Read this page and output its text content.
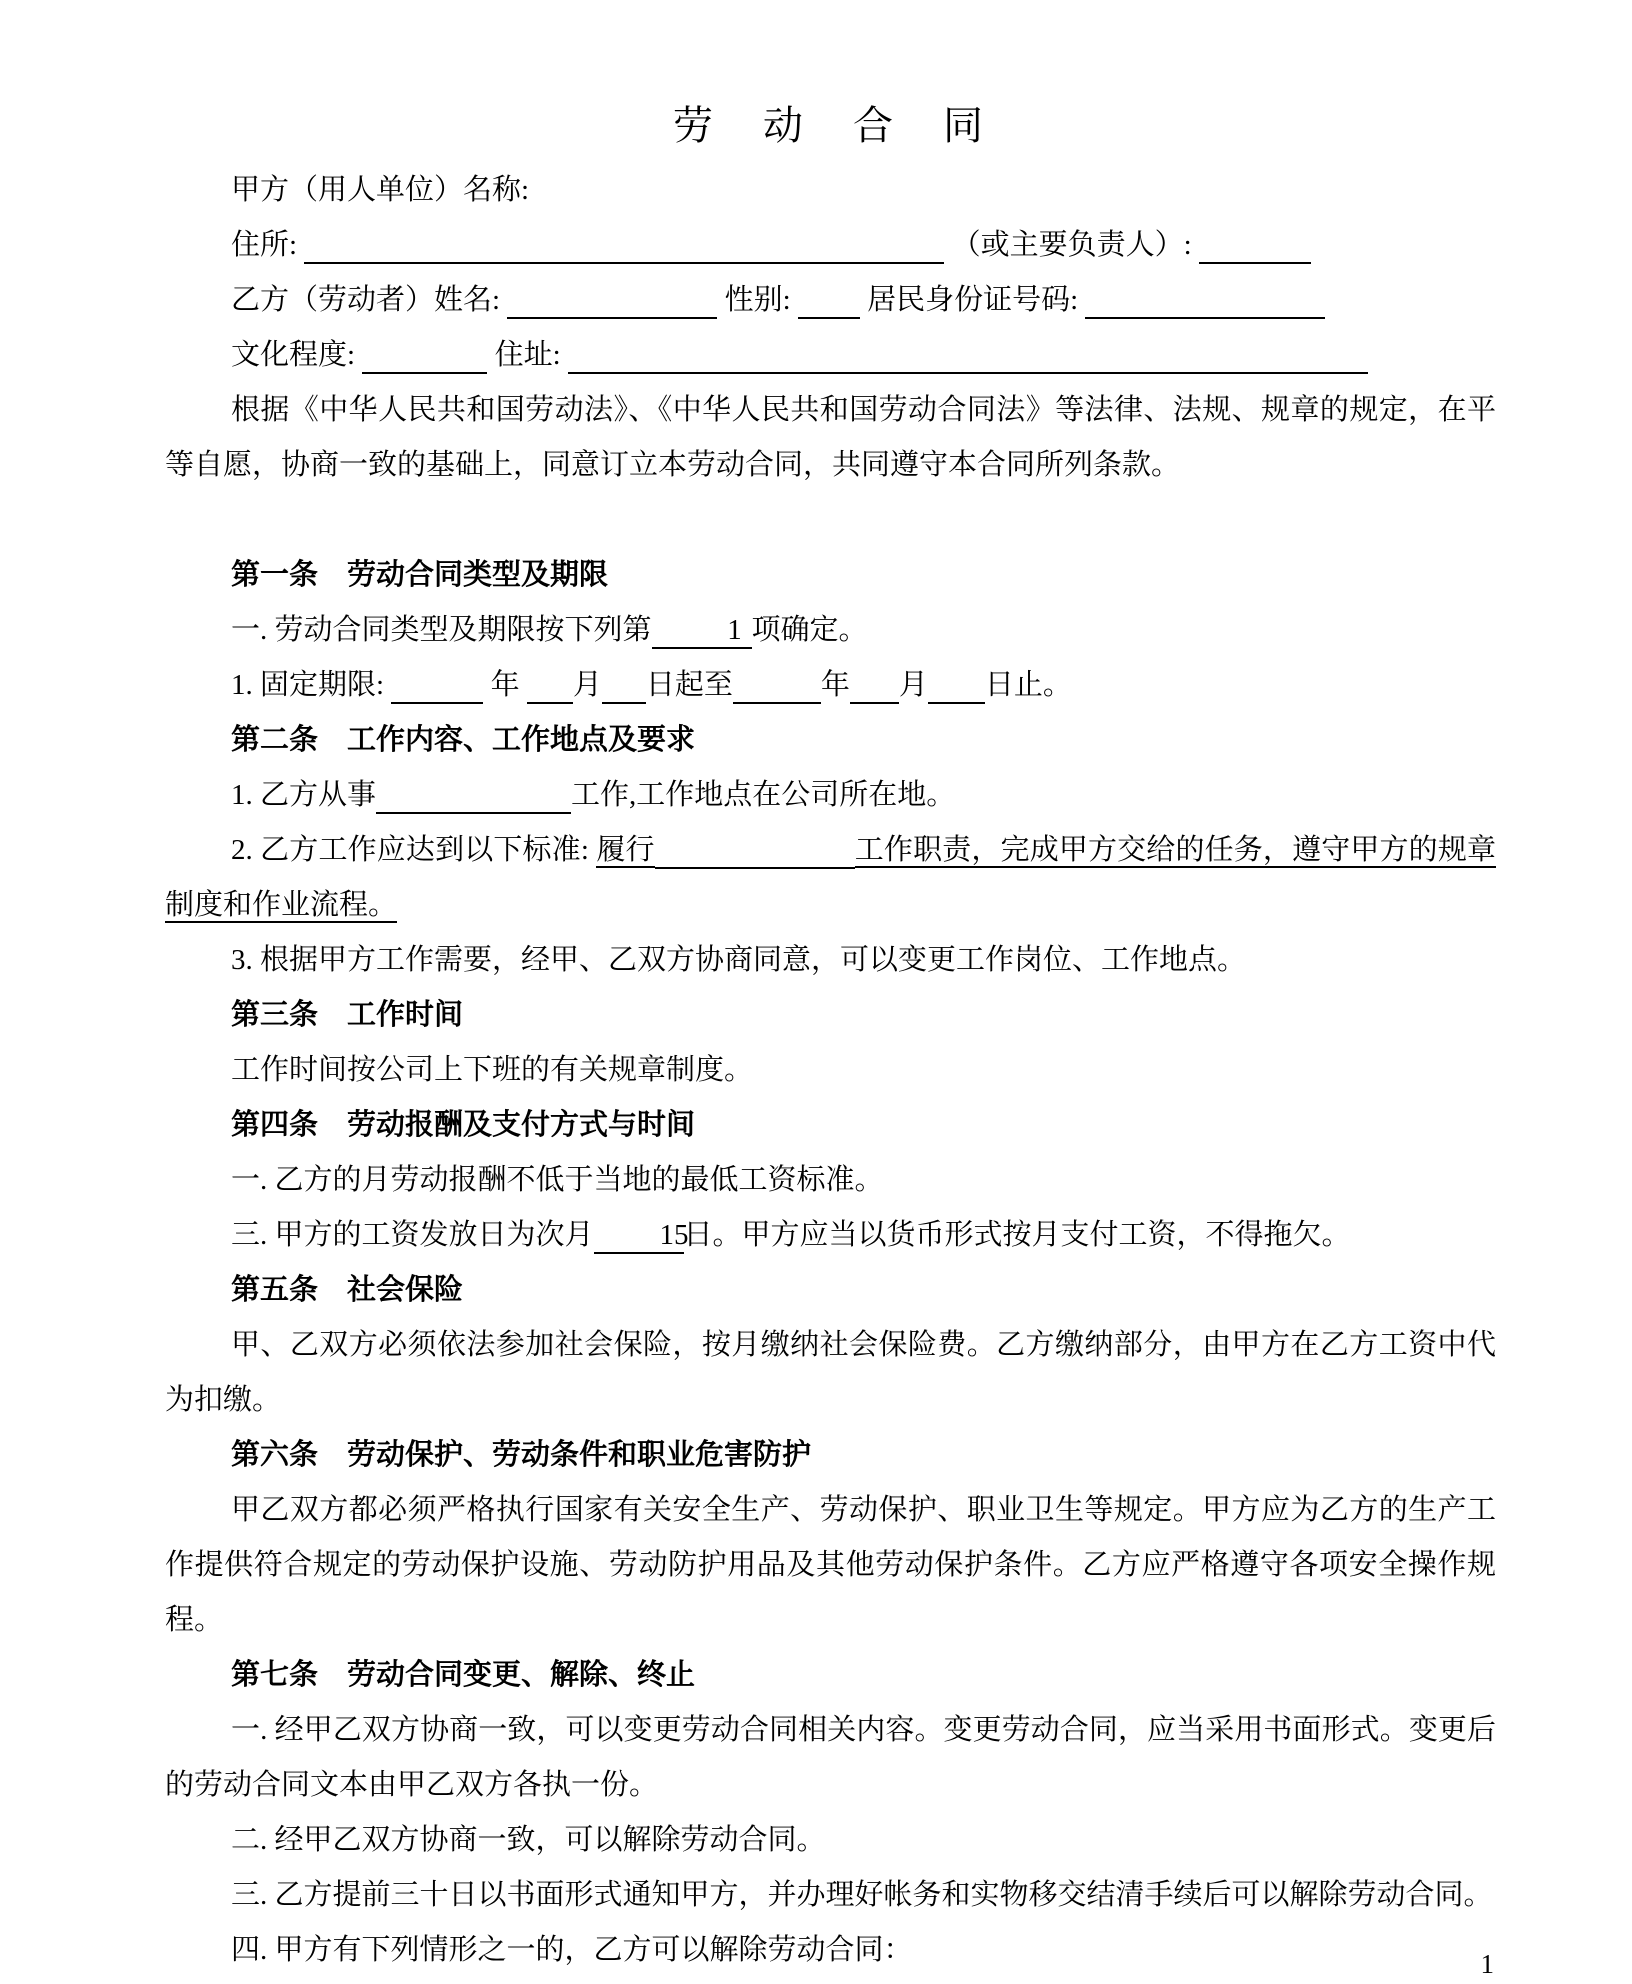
劳　动　合　同

甲方（用人单位）名称:

住所: ​	（或主要负责人）: ​

乙方（劳动者）姓名: ​	性别: ​	居民身份证号码: ​

文化程度: ​	住址: ​

根据《中华人民共和国劳动法》、《中华人民共和国劳动合同法》等法律、法规、规章的规定，在平等自愿，协商一致的基础上，同意订立本劳动合同，共同遵守本合同所列条款。

第一条　劳动合同类型及期限

一. 劳动合同类型及期限按下列第	1 ​ 项确定。

1. 固定期限: ​	年 ​ 月 ​ 日起至 ​	年 ​ 月 ​ 日止。

第二条　工作内容、工作地点及要求

1. 乙方从事 ​	工作,工作地点在公司所在地。

2. 乙方工作应达到以下标准: 履行 ​	工作职责，完成甲方交给的任务，遵守甲方的规章制度和作业流程。

3. 根据甲方工作需要，经甲、乙双方协商同意，可以变更工作岗位、工作地点。

第三条　工作时间

工作时间按公司上下班的有关规章制度。

第四条　劳动报酬及支付方式与时间

一. 乙方的月劳动报酬不低于当地的最低工资标准。

三. 甲方的工资发放日为次月 15 ​日。甲方应当以货币形式按月支付工资，不得拖欠。

第五条　社会保险

甲、乙双方必须依法参加社会保险，按月缴纳社会保险费。乙方缴纳部分，由甲方在乙方工资中代为扣缴。

第六条　劳动保护、劳动条件和职业危害防护

甲乙双方都必须严格执行国家有关安全生产、劳动保护、职业卫生等规定。甲方应为乙方的生产工作提供符合规定的劳动保护设施、劳动防护用品及其他劳动保护条件。乙方应严格遵守各项安全操作规程。

第七条　劳动合同变更、解除、终止

一. 经甲乙双方协商一致，可以变更劳动合同相关内容。变更劳动合同，应当采用书面形式。变更后的劳动合同文本由甲乙双方各执一份。

二. 经甲乙双方协商一致，可以解除劳动合同。

三. 乙方提前三十日以书面形式通知甲方，并办理好帐务和实物移交结清手续后可以解除劳动合同。

四. 甲方有下列情形之一的，乙方可以解除劳动合同：	1
